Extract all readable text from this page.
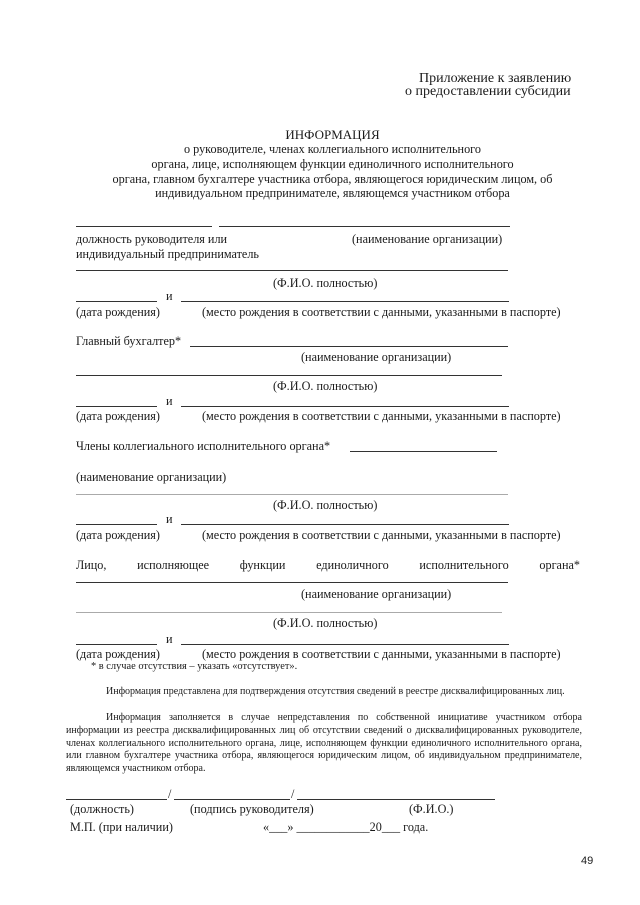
Приложение к заявлению
о предоставлении субсидии
ИНФОРМАЦИЯ
о руководителе, членах коллегиального исполнительного
органа, лице, исполняющем функции единоличного исполнительного
органа, главном бухгалтере участника отбора, являющегося юридическим лицом, об
индивидуальном предпринимателе, являющемся участником отбора
должность руководителя или	(наименование организации)
индивидуальный предприниматель
(Ф.И.О. полностью)
и
(дата рождения)	(место рождения в соответствии с данными, указанными в паспорте)
Главный бухгалтер*
(наименование организации)
(Ф.И.О. полностью)
и
(дата рождения)	(место рождения в соответствии с данными, указанными в паспорте)
Члены коллегиального исполнительного органа*
(наименование организации)
(Ф.И.О. полностью)
и
(дата рождения)	(место рождения в соответствии с данными, указанными в паспорте)
Лицо,	исполняющее	функции	единоличного	исполнительного	органа*
(наименование организации)
(Ф.И.О. полностью)
и
(дата рождения)	(место рождения в соответствии с данными, указанными в паспорте)
* в случае отсутствия – указать «отсутствует».
Информация представлена для подтверждения отсутствия сведений в реестре дисквалифицированных лиц.
Информация заполняется в случае непредставления по собственной инициативе участником отбора информации из реестра дисквалифицированных лиц об отсутствии сведений о дисквалифицированных руководителе, членах коллегиального исполнительного органа, лице, исполняющем функции единоличного исполнительного органа, или главном бухгалтере участника отбора, являющегося юридическим лицом, об индивидуальном предпринимателе, являющемся участником отбора.
/	/
(должность)	(подпись руководителя)	(Ф.И.О.)
М.П. (при наличии)	«___» ____________20___ года.
49
